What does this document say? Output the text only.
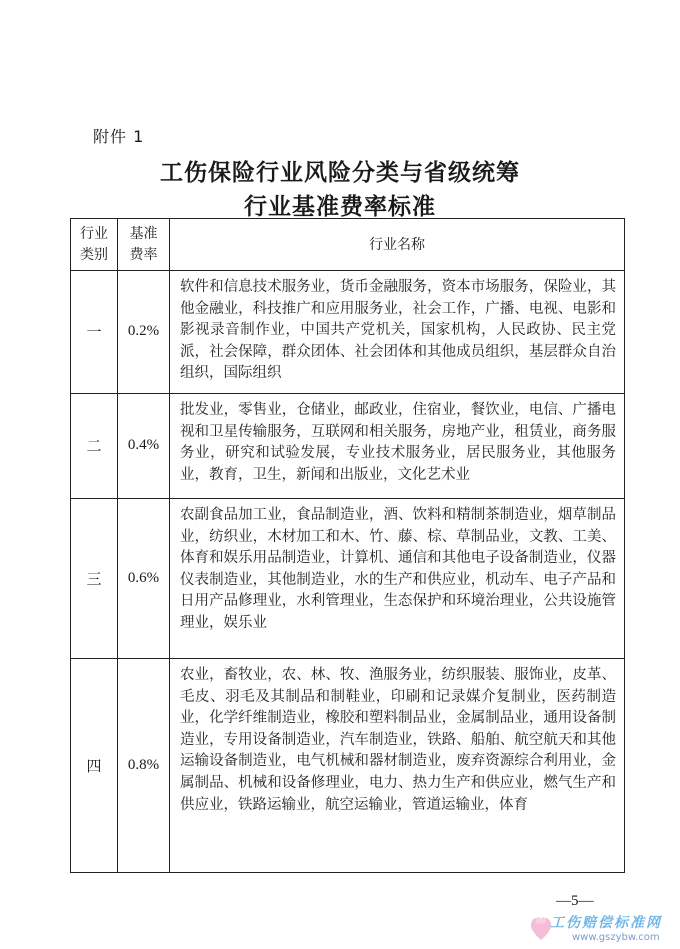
附件 1
工伤保险行业风险分类与省级统筹
行业基准费率标准
行业类别	基准费率	行业名称
一	0.2%	软件和信息技术服务业，货币金融服务，资本市场服务，保险业，其他金融业，科技推广和应用服务业，社会工作，广播、电视、电影和影视录音制作业，中国共产党机关，国家机构，人民政协、民主党派，社会保障，群众团体、社会团体和其他成员组织，基层群众自治组织，国际组织
二	0.4%	批发业，零售业，仓储业，邮政业，住宿业，餐饮业，电信、广播电视和卫星传输服务，互联网和相关服务，房地产业，租赁业，商务服务业，研究和试验发展，专业技术服务业，居民服务业，其他服务业，教育，卫生，新闻和出版业，文化艺术业
三	0.6%	农副食品加工业，食品制造业，酒、饮料和精制茶制造业，烟草制品业，纺织业，木材加工和木、竹、藤、棕、草制品业，文教、工美、体育和娱乐用品制造业，计算机、通信和其他电子设备制造业，仪器仪表制造业，其他制造业，水的生产和供应业，机动车、电子产品和日用产品修理业，水利管理业，生态保护和环境治理业，公共设施管理业，娱乐业
四	0.8%	农业，畜牧业，农、林、牧、渔服务业，纺织服装、服饰业，皮革、毛皮、羽毛及其制品和制鞋业，印刷和记录媒介复制业，医药制造业，化学纤维制造业，橡胶和塑料制品业，金属制品业，通用设备制造业，专用设备制造业，汽车制造业，铁路、船舶、航空航天和其他运输设备制造业，电气机械和器材制造业，废弃资源综合利用业，金属制品、机械和设备修理业，电力、热力生产和供应业，燃气生产和供应业，铁路运输业，航空运输业，管道运输业，体育
—5—
工伤赔偿标准网
www.gszybw.com
